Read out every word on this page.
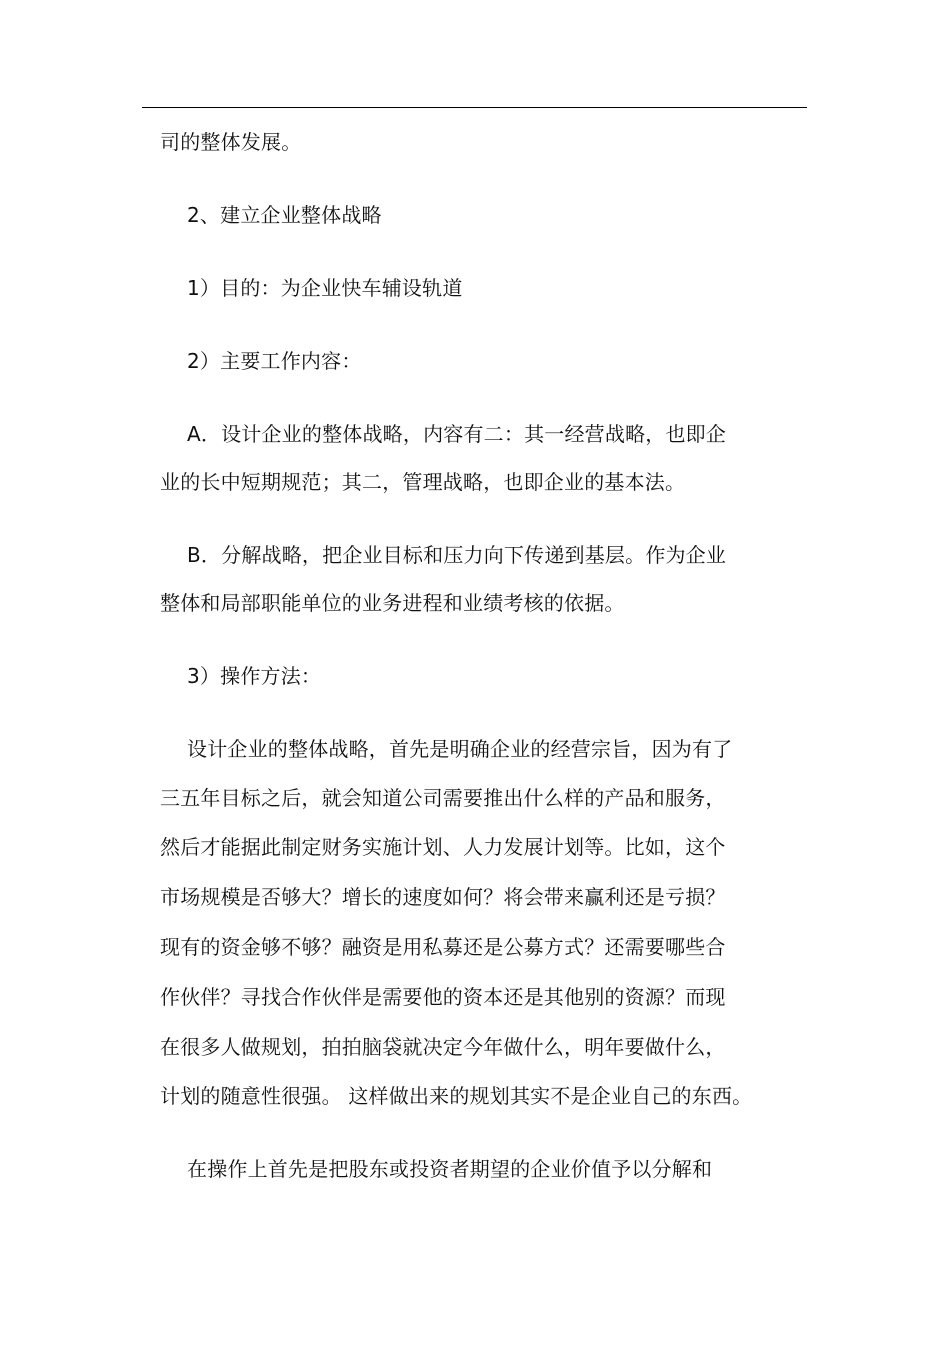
司的整体发展。
2、建立企业整体战略
1）目的：为企业快车辅设轨道
2）主要工作内容：
A．设计企业的整体战略，内容有二：其一经营战略，也即企
业的长中短期规范；其二，管理战略，也即企业的基本法。
B．分解战略，把企业目标和压力向下传递到基层。作为企业
整体和局部职能单位的业务进程和业绩考核的依据。
3）操作方法：
设计企业的整体战略，首先是明确企业的经营宗旨，因为有了
三五年目标之后，就会知道公司需要推出什么样的产品和服务，
然后才能据此制定财务实施计划、人力发展计划等。比如，这个
市场规模是否够大？增长的速度如何？将会带来赢利还是亏损？
现有的资金够不够？融资是用私募还是公募方式？还需要哪些合
作伙伴？寻找合作伙伴是需要他的资本还是其他别的资源？而现
在很多人做规划，拍拍脑袋就决定今年做什么，明年要做什么，
计划的随意性很强。 这样做出来的规划其实不是企业自己的东西。
在操作上首先是把股东或投资者期望的企业价值予以分解和
